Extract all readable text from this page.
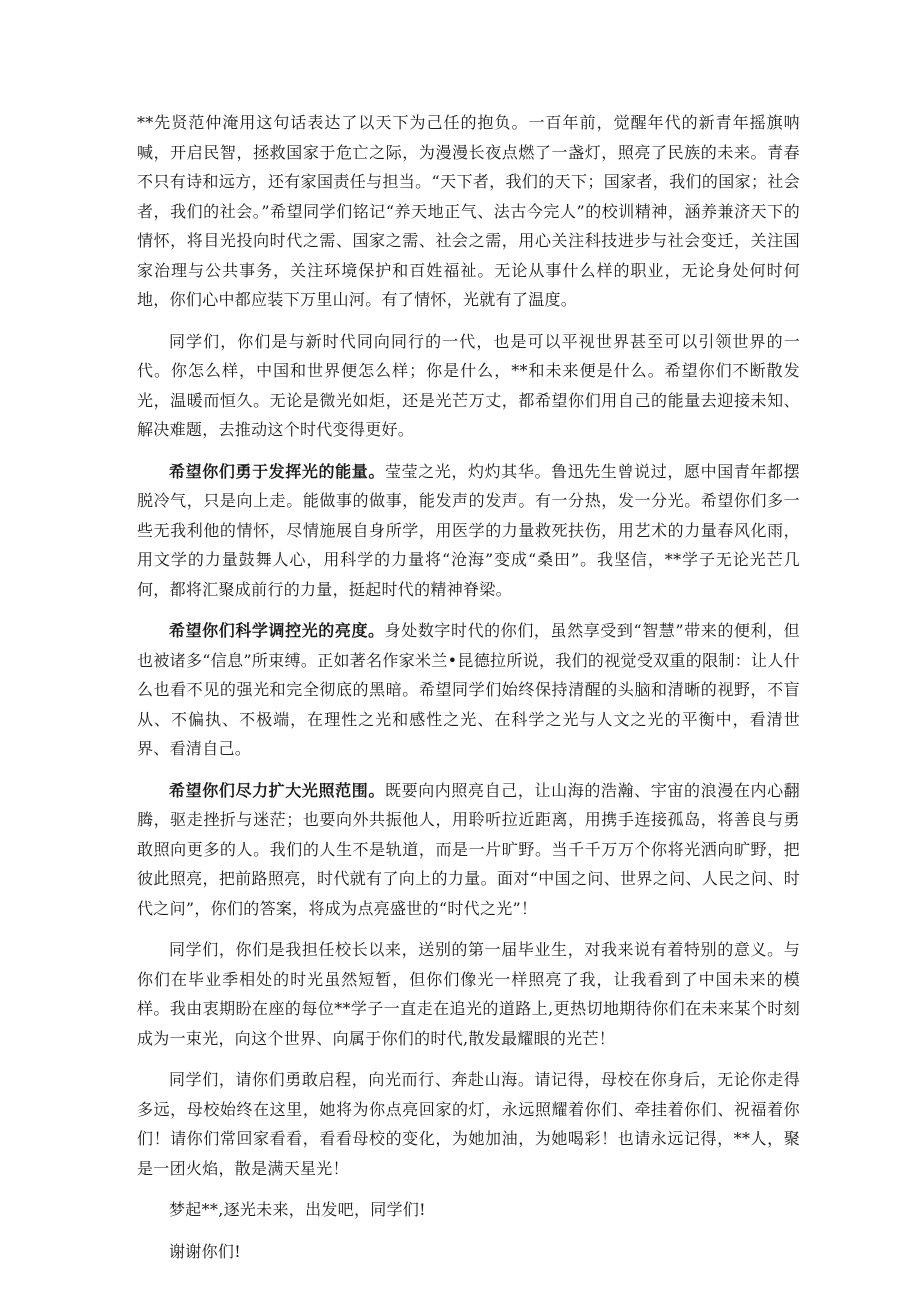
**先贤范仲淹用这句话表达了以天下为己任的抱负。一百年前，觉醒年代的新青年摇旗呐喊，开启民智，拯救国家于危亡之际，为漫漫长夜点燃了一盏灯，照亮了民族的未来。青春不只有诗和远方，还有家国责任与担当。“天下者，我们的天下；国家者，我们的国家；社会者，我们的社会。”希望同学们铭记“养天地正气、法古今完人”的校训精神，涵养兼济天下的情怀，将目光投向时代之需、国家之需、社会之需，用心关注科技进步与社会变迁，关注国家治理与公共事务，关注环境保护和百姓福祉。无论从事什么样的职业，无论身处何时何地，你们心中都应装下万里山河。有了情怀，光就有了温度。

同学们，你们是与新时代同向同行的一代，也是可以平视世界甚至可以引领世界的一代。你怎么样，中国和世界便怎么样；你是什么，**和未来便是什么。希望你们不断散发光，温暖而恒久。无论是微光如炬，还是光芒万丈，都希望你们用自己的能量去迎接未知、解决难题，去推动这个时代变得更好。

希望你们勇于发挥光的能量。莹莹之光，灼灼其华。鲁迅先生曾说过，愿中国青年都摆脱冷气，只是向上走。能做事的做事，能发声的发声。有一分热，发一分光。希望你们多一些无我利他的情怀，尽情施展自身所学，用医学的力量救死扶伤，用艺术的力量春风化雨，用文学的力量鼓舞人心，用科学的力量将“沧海”变成“桑田”。我坚信，**学子无论光芒几何，都将汇聚成前行的力量，挺起时代的精神脊梁。

希望你们科学调控光的亮度。身处数字时代的你们，虽然享受到“智慧”带来的便利，但也被诸多“信息”所束缚。正如著名作家米兰•昆德拉所说，我们的视觉受双重的限制：让人什么也看不见的强光和完全彻底的黑暗。希望同学们始终保持清醒的头脑和清晰的视野，不盲从、不偏执、不极端，在理性之光和感性之光、在科学之光与人文之光的平衡中，看清世界、看清自己。

希望你们尽力扩大光照范围。既要向内照亮自己，让山海的浩瀚、宇宙的浪漫在内心翻腾，驱走挫折与迷茫；也要向外共振他人，用聆听拉近距离，用携手连接孤岛，将善良与勇敢照向更多的人。我们的人生不是轨道，而是一片旷野。当千千万万个你将光洒向旷野，把彼此照亮，把前路照亮，时代就有了向上的力量。面对“中国之问、世界之问、人民之问、时代之问”，你们的答案，将成为点亮盛世的“时代之光”！

同学们，你们是我担任校长以来，送别的第一届毕业生，对我来说有着特别的意义。与你们在毕业季相处的时光虽然短暂，但你们像光一样照亮了我，让我看到了中国未来的模样。我由衷期盼在座的每位**学子一直走在追光的道路上,更热切地期待你们在未来某个时刻成为一束光，向这个世界、向属于你们的时代,散发最耀眼的光芒！

同学们，请你们勇敢启程，向光而行、奔赴山海。请记得，母校在你身后，无论你走得多远，母校始终在这里，她将为你点亮回家的灯，永远照耀着你们、牵挂着你们、祝福着你们！请你们常回家看看，看看母校的变化，为她加油，为她喝彩！也请永远记得，**人，聚是一团火焰，散是满天星光！

梦起**,逐光未来，出发吧，同学们!

谢谢你们!
